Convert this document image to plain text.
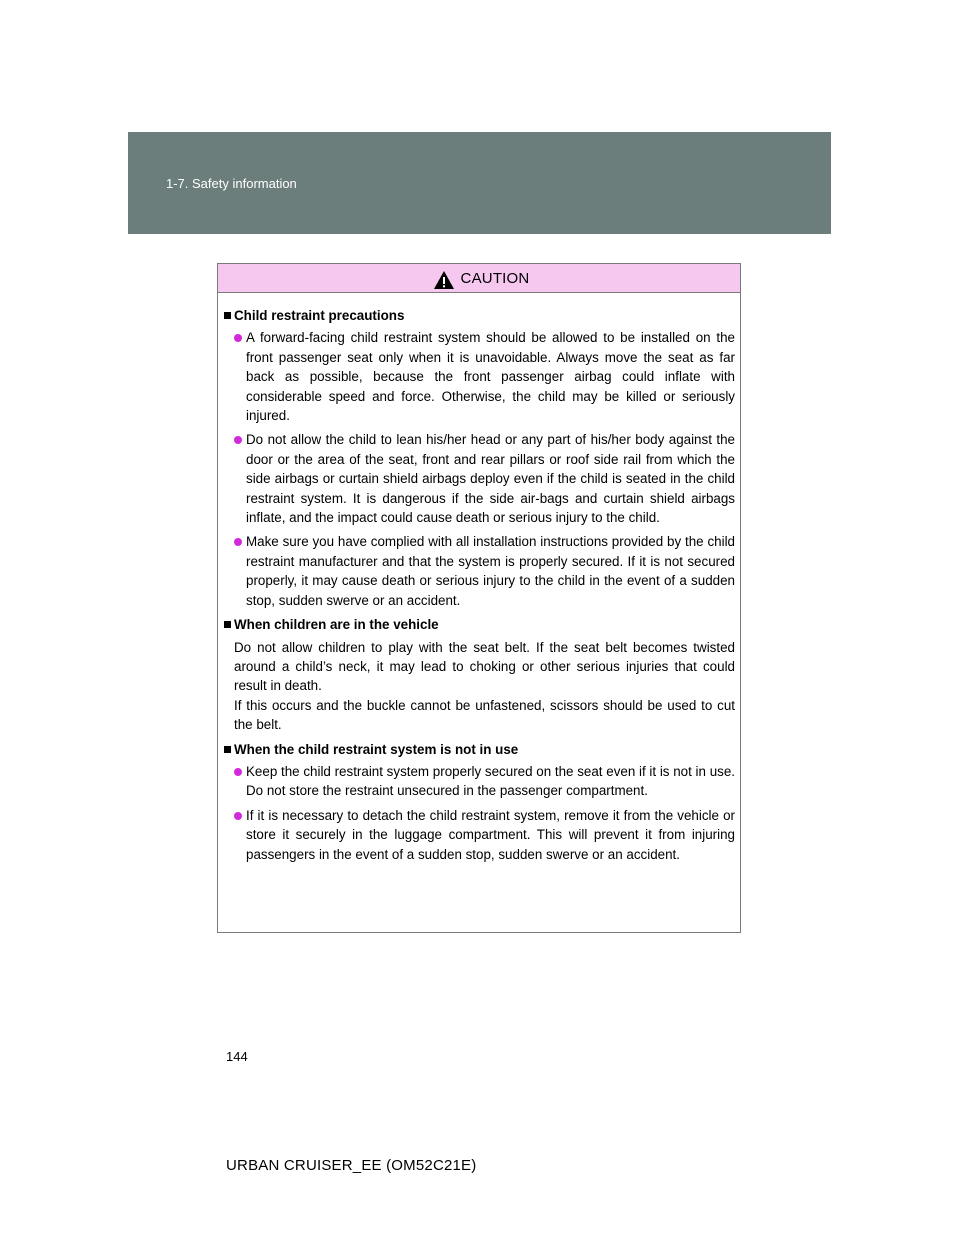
1-7. Safety information
CAUTION
Child restraint precautions
A forward-facing child restraint system should be allowed to be installed on the front passenger seat only when it is unavoidable. Always move the seat as far back as possible, because the front passenger airbag could inflate with considerable speed and force. Otherwise, the child may be killed or seriously injured.
Do not allow the child to lean his/her head or any part of his/her body against the door or the area of the seat, front and rear pillars or roof side rail from which the side airbags or curtain shield airbags deploy even if the child is seated in the child restraint system. It is dangerous if the side air-bags and curtain shield airbags inflate, and the impact could cause death or serious injury to the child.
Make sure you have complied with all installation instructions provided by the child restraint manufacturer and that the system is properly secured. If it is not secured properly, it may cause death or serious injury to the child in the event of a sudden stop, sudden swerve or an accident.
When children are in the vehicle
Do not allow children to play with the seat belt. If the seat belt becomes twisted around a child’s neck, it may lead to choking or other serious injuries that could result in death.
If this occurs and the buckle cannot be unfastened, scissors should be used to cut the belt.
When the child restraint system is not in use
Keep the child restraint system properly secured on the seat even if it is not in use.
Do not store the restraint unsecured in the passenger compartment.
If it is necessary to detach the child restraint system, remove it from the vehicle or store it securely in the luggage compartment. This will prevent it from injuring passengers in the event of a sudden stop, sudden swerve or an accident.
144
URBAN CRUISER_EE (OM52C21E)
